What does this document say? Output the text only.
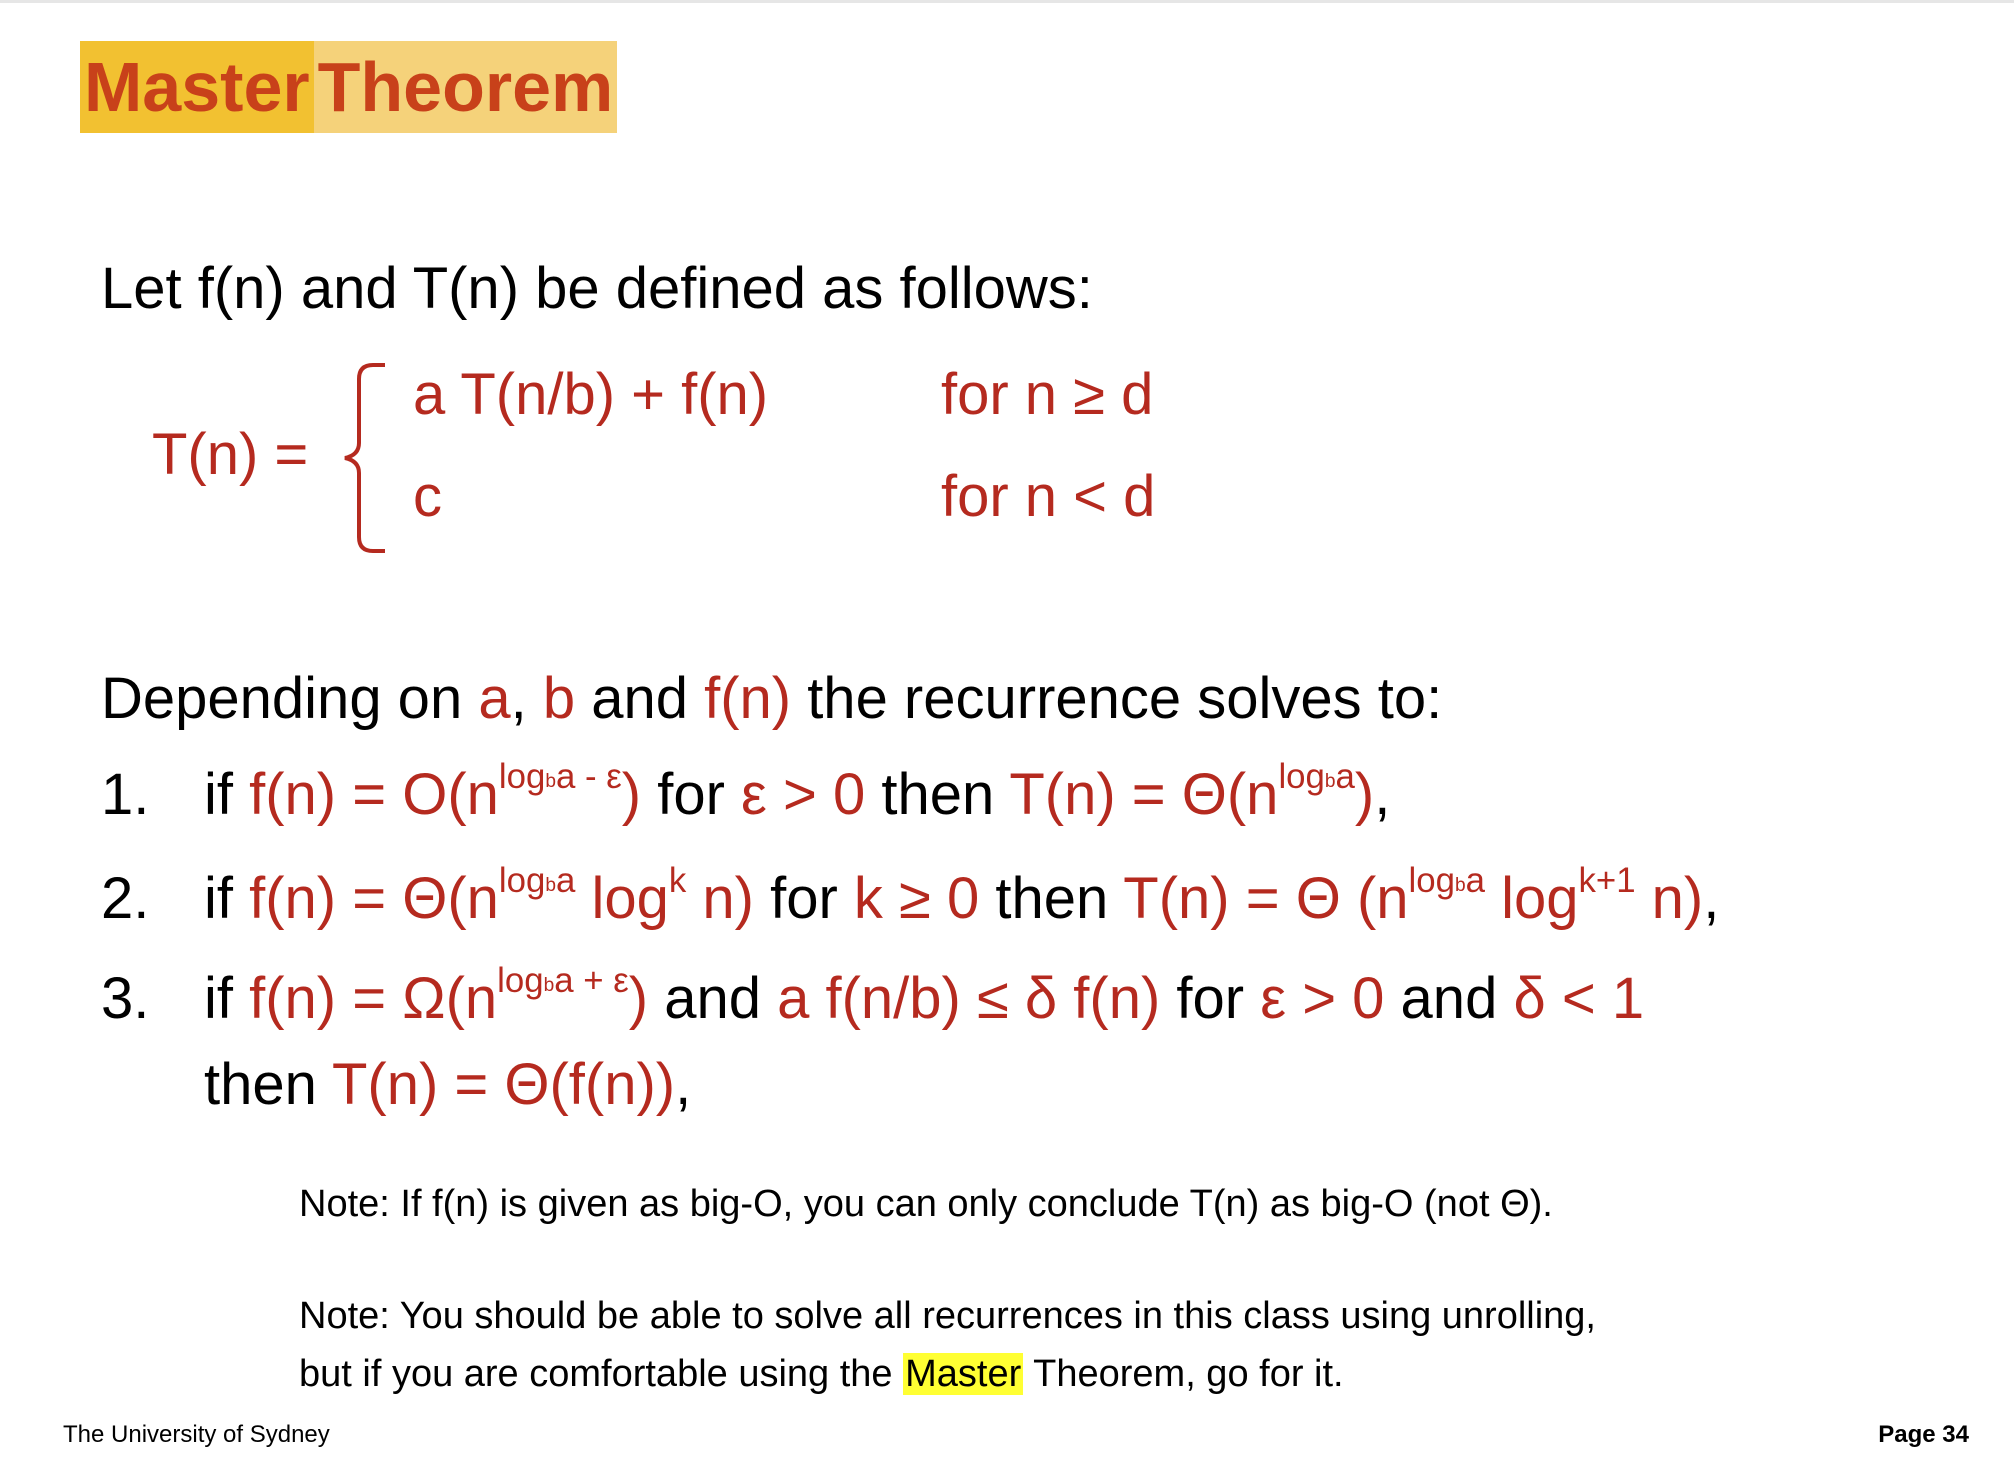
Master Theorem
Let f(n) and T(n) be defined as follows:
T(n) =
a T(n/b) + f(n)	for n ≥ d
c	for n < d
Depending on a, b and f(n) the recurrence solves to:
1. if $f(n) = O(n^{log_ba - \varepsilon})$ for ε > 0 then $T(n) = \Theta(n^{log_ba})$,
2. if $f(n) = \Theta(n^{log_ba}$ $\log^k n$) for k ≥ 0 then T(n) = Θ ($n^{log_ba}$ $\log^{k+1} n$),
3. if $f(n) = \Omega(n^{log_ba + \varepsilon})$ and a f(n/b) ≤ δ f(n) for ε > 0 and δ < 1
then T(n) = Θ(f(n)),
Note: If f(n) is given as big-O, you can only conclude T(n) as big-O (not Θ).
Note: You should be able to solve all recurrences in this class using unrolling,
but if you are comfortable using the Master Theorem, go for it.
The University of Sydney	Page 34
